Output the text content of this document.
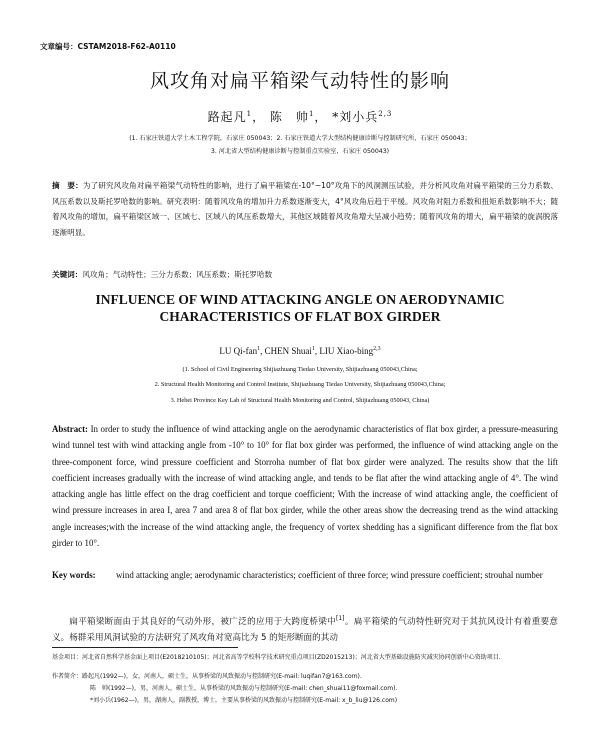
文章编号：CSTAM2018-F62-A0110
风攻角对扁平箱梁气动特性的影响
路起凡$^1$， 陈　帅$^1$， *刘小兵$^{2,3}$
(1. 石家庄铁道大学土木工程学院，石家庄 050043；2. 石家庄铁道大学大型结构健康诊断与控制研究所，石家庄 050043；
3. 河北省大型结构健康诊断与控制重点实验室，石家庄 050043)
摘　要：为了研究风攻角对扁平箱梁气动特性的影响，进行了扁平箱梁在-10°~10°攻角下的风洞测压试验，并分析风攻角对扁平箱梁的三分力系数、风压系数以及斯托罗哈数的影响。研究表明：随着风攻角的增加升力系数逐渐变大，4°风攻角后趋于平缓。风攻角对阻力系数和扭矩系数影响不大；随着风攻角的增加，扁平箱梁区域一、区域七、区域八的风压系数增大，其他区域随着风攻角增大呈减小趋势；随着风攻角的增大，扁平箱梁的旋涡脱落逐渐明显。
关键词：风攻角；气动特性；三分力系数；风压系数；斯托罗哈数
INFLUENCE OF WIND ATTACKING ANGLE ON AERODYNAMIC
CHARACTERISTICS OF FLAT BOX GIRDER
LU Qi-fan$^1$, CHEN Shuai$^1$, LIU Xiao-bing$^{2,3}$
(1. School of Civil Engineering Shijiazhuang Tiedao University, Shijiazhuang 050043,China;
2. Structural Health Monitoring and Control Institute, Shijiazhuang Tiedao University, Shijiazhuang 050043,China;
3. Hebei Province Key Lab of Structural Health Monitoring and Control, Shijiazhuang 050043, China)
Abstract: In order to study the influence of wind attacking angle on the aerodynamic characteristics of flat box girder, a pressure-measuring wind tunnel test with wind attacking angle from -10° to 10° for flat box girder was performed, the influence of wind attacking angle on the three-component force, wind pressure coefficient and Storroha number of flat box girder were analyzed. The results show that the lift coefficient increases gradually with the increase of wind attacking angle, and tends to be flat after the wind attacking angle of 4°. The wind attacking angle has little effect on the drag coefficient and torque coefficient; With the increase of wind attacking angle, the coefficient of wind pressure increases in area I, area 7 and area 8 of flat box girder, while the other areas show the decreasing trend as the wind attacking angle increases;with the increase of the wind attacking angle, the frequency of vortex shedding has a significant difference from the flat box girder to 10°.
Key words:	wind attacking angle; aerodynamic characteristics; coefficient of three force; wind pressure coefficient; strouhal number
扁平箱梁断面由于其良好的气动外形，被广泛的应用于大跨度桥梁中[1]。扁平箱梁的气动特性研究对于其抗风设计有着重要意义。杨群采用风洞试验的方法研究了风攻角对宽高比为 5 的矩形断面的其动
基金项目：河北省自然科学基金面上项目(E2018210105)；河北省高等学校科学技术研究重点项目(ZD2015213)；河北省大型基础设施防灾减灾协同创新中心资助项目.
作者简介：路起凡(1992—)，女，河南人，硕士生，从事桥梁的风致振动与控制研究(E-mail: luqifan7@163.com).
陈　帅(1992—)，男，河南人，硕士生，从事桥梁的风致振动与控制研究(E-mail: chen_shuai11@foxmail.com).
*刘小兵(1962—)，男，湖南人，副教授，博士，主要从事桥梁的风致振动与控制研究(E-mail: x_b_liu@126.com)
